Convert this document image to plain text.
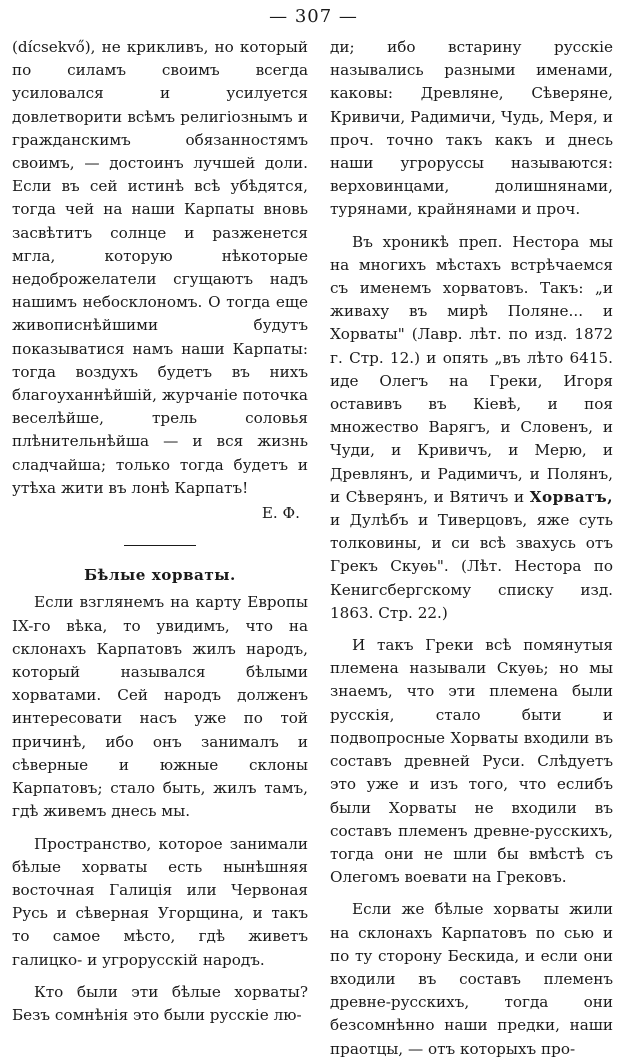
— 307 —

(dícsekvő), не крикливъ, но который по силамъ своимъ всегда усиловался и усилуется довлетворити всѣмъ религіознымъ и гражданскимъ обязанностямъ своимъ, — достоинъ лучшей доли. Если въ сей истинѣ всѣ убѣдятся, тогда чей на наши Карпаты вновь засвѣтитъ солнце и разженется мгла, которую нѣкоторые недоброжелатели сгущаютъ надъ нашимъ небосклономъ. О тогда еще живописнѣйшими будутъ показыватися намъ наши Карпаты: тогда воздухъ будетъ въ нихъ благоуханнѣйшій, журчаніе поточка веселѣйше, трель соловья плѣнительнѣйша — и вся жизнь сладчайша; только тогда будетъ и утѣха жити въ лонѣ Карпатъ!

Е. Ф.

Бѣлые хорваты.

Если взглянемъ на карту Европы IX-го вѣка, то увидимъ, что на склонахъ Карпатовъ жилъ народъ, который назывался бѣлыми хорватами. Сей народъ долженъ интересовати насъ уже по той причинѣ, ибо онъ занималъ и сѣверные и южные склоны Карпатовъ; стало быть, жилъ тамъ, гдѣ живемъ днесь мы.

Пространство, которое занимали бѣлые хорваты есть нынѣшняя восточная Галиція или Червоная Русь и сѣверная Угорщина, и такъ то самое мѣсто, гдѣ живетъ галицко- и угрорусскій народъ.

Кто были эти бѣлые хорваты? Безъ сомнѣнія это были русскіе лю-

ди; ибо встарину русскіе назывались разными именами, каковы: Древляне, Сѣверяне, Кривичи, Радимичи, Чудь, Меря, и проч. точно такъ какъ и днесь наши угроруссы называются: верховинцами, долишнянами, турянами, крайнянами и проч.

Въ хроникѣ преп. Нестора мы на многихъ мѣстахъ встрѣчаемся съ именемъ хорватовъ. Такъ: „и живаху въ мирѣ Поляне... и Хорваты" (Лавр. лѣт. по изд. 1872 г. Стр. 12.) и опять „въ лѣто 6415. иде Олегъ на Греки, Игоря оставивъ въ Кіевѣ, и поя множество Варягъ, и Словенъ, и Чуди, и Кривичъ, и Мерю, и Древлянъ, и Радимичъ, и Полянъ, и Сѣверянъ, и Вятичъ и Хорватъ, и Дулѣбъ и Тиверцовъ, яже суть толковины, и си всѣ звахусь отъ Грекъ Скуѳь". (Лѣт. Нестора по Кенигсбергскому списку изд. 1863. Стр. 22.)

И такъ Греки всѣ помянутыя племена называли Скуѳь; но мы знаемъ, что эти племена были русскія, стало быти и подвопросные Хорваты входили въ составъ древней Руси. Слѣдуетъ это уже и изъ того, что еслибъ были Хорваты не входили въ составъ племенъ древне-русскихъ, тогда они не шли бы вмѣстѣ съ Олегомъ воевати на Грековъ.

Если же бѣлые хорваты жили на склонахъ Карпатовъ по сью и по ту сторону Бескида, и если они входили въ составъ племенъ древне-русскихъ, тогда они безсомнѣнно наши предки, наши праотцы, — отъ которыхъ про-
